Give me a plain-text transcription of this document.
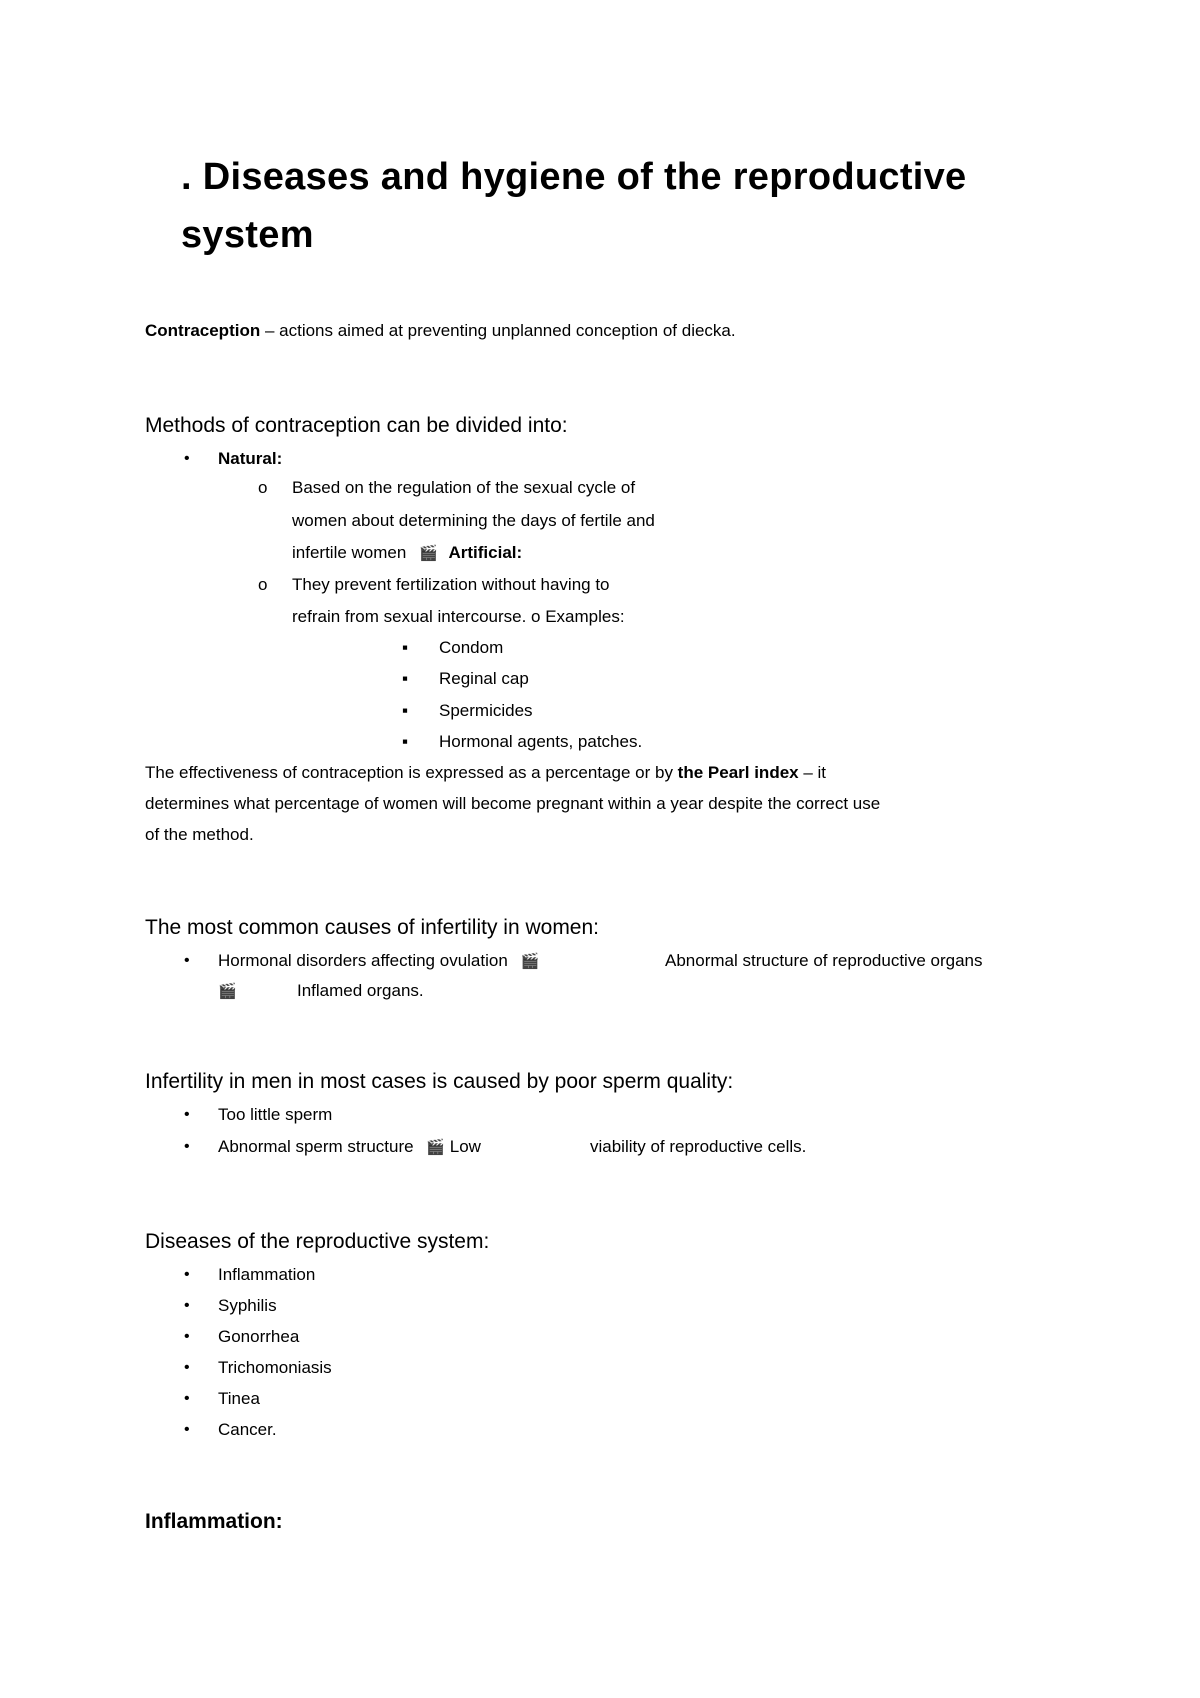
. Diseases and hygiene of the reproductive
system
Contraception – actions aimed at preventing unplanned conception of diecka.
Methods of contraception can be divided into:
• Natural:
o Based on the regulation of the sexual cycle of
women about determining the days of fertile and
infertile women 🎬 Artificial:
o They prevent fertilization without having to
refrain from sexual intercourse. o Examples:
▪ Condom
▪ Reginal cap
▪ Spermicides
▪ Hormonal agents, patches.
The effectiveness of contraception is expressed as a percentage or by the Pearl index – it
determines what percentage of women will become pregnant within a year despite the correct use
of the method.
The most common causes of infertility in women:
• Hormonal disorders affecting ovulation 🎬	Abnormal structure of reproductive organs
🎬	Inflamed organs.
Infertility in men in most cases is caused by poor sperm quality:
• Too little sperm
• Abnormal sperm structure 🎬 Low	viability of reproductive cells.
Diseases of the reproductive system:
• Inflammation
• Syphilis
• Gonorrhea
• Trichomoniasis
• Tinea
• Cancer.
Inflammation:
